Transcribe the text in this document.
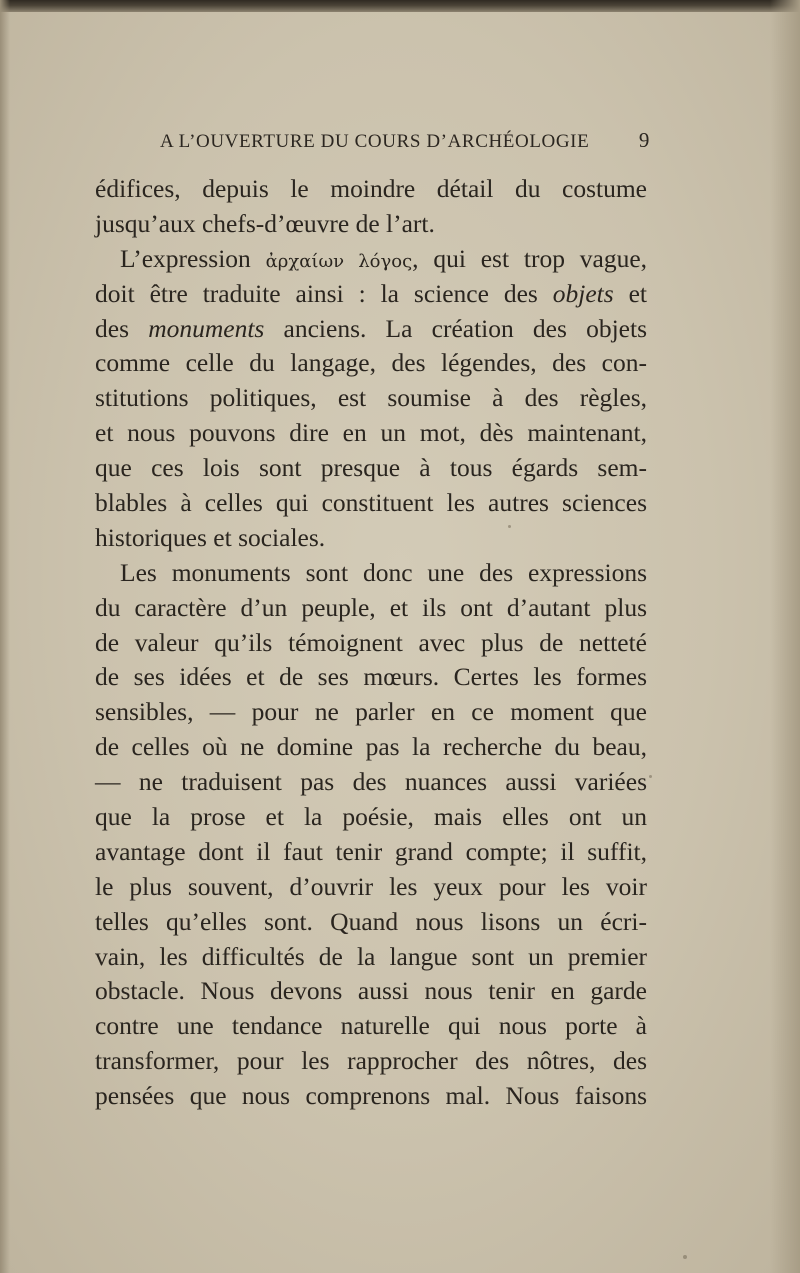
A L’OUVERTURE DU COURS D’ARCHÉOLOGIE 9
édifices, depuis le moindre détail du costume
jusqu’aux chefs-d’œuvre de l’art.
L’expression ἀρχαίων λόγος, qui est trop vague,
doit être traduite ainsi : la science des objets et
des monuments anciens. La création des objets
comme celle du langage, des légendes, des con-
stitutions politiques, est soumise à des règles,
et nous pouvons dire en un mot, dès maintenant,
que ces lois sont presque à tous égards sem-
blables à celles qui constituent les autres sciences
historiques et sociales.
Les monuments sont donc une des expressions
du caractère d’un peuple, et ils ont d’autant plus
de valeur qu’ils témoignent avec plus de netteté
de ses idées et de ses mœurs. Certes les formes
sensibles, — pour ne parler en ce moment que
de celles où ne domine pas la recherche du beau,
— ne traduisent pas des nuances aussi variées
que la prose et la poésie, mais elles ont un
avantage dont il faut tenir grand compte; il suffit,
le plus souvent, d’ouvrir les yeux pour les voir
telles qu’elles sont. Quand nous lisons un écri-
vain, les difficultés de la langue sont un premier
obstacle. Nous devons aussi nous tenir en garde
contre une tendance naturelle qui nous porte à
transformer, pour les rapprocher des nôtres, des
pensées que nous comprenons mal. Nous faisons
